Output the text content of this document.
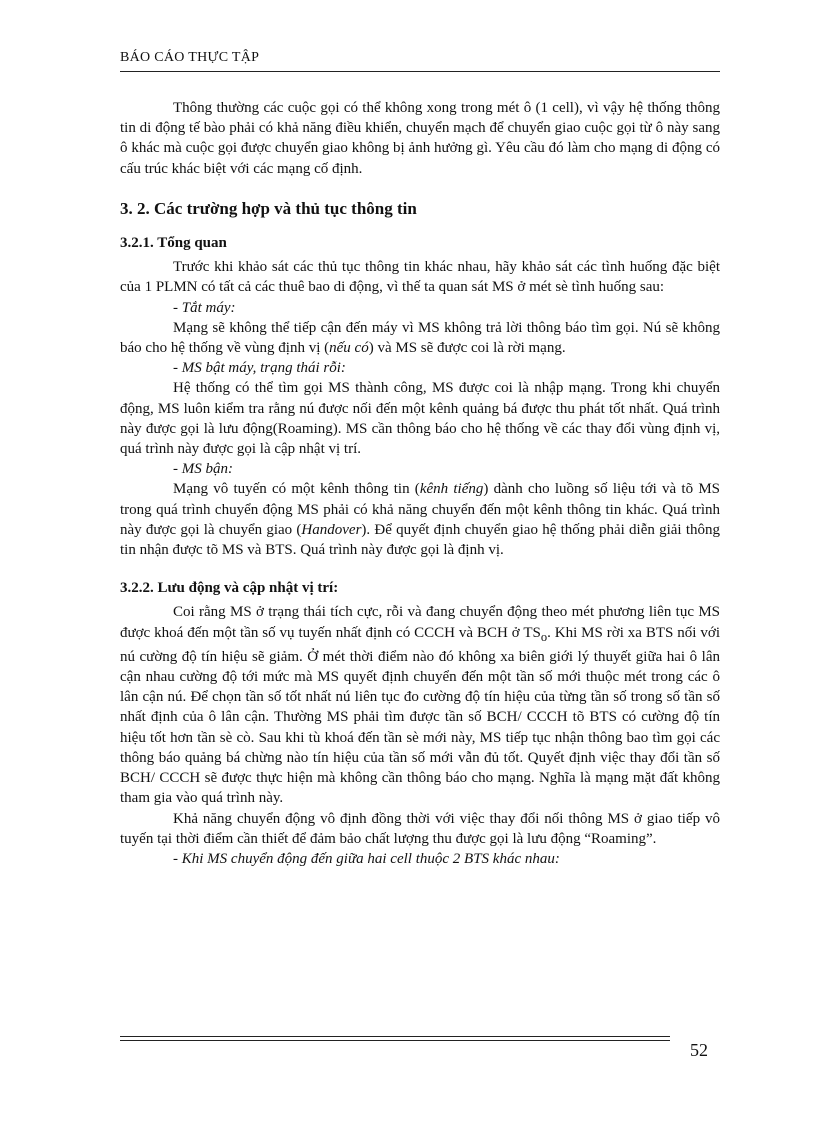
BÁO CÁO THỰC TẬP

Thông thường các cuộc gọi có thể không xong trong mét ô (1 cell), vì vậy hệ thống thông tin di động tế bào phải có khả năng điều khiển, chuyển mạch để chuyển giao cuộc gọi từ ô này sang ô khác mà cuộc gọi được chuyển giao không bị ảnh hưởng gì. Yêu cầu đó làm cho mạng di động có cấu trúc khác biệt với các mạng cố định.

3. 2. Các trường hợp và thủ tục thông tin
3.2.1. Tổng quan

Trước khi khảo sát các thủ tục thông tin khác nhau, hãy khảo sát các tình huống đặc biệt của 1 PLMN có tất cả các thuê bao di động, vì thế ta quan sát MS ở mét sè tình huống sau:

- Tắt máy:

Mạng sẽ không thể tiếp cận đến máy vì MS không trả lời thông báo tìm gọi. Nú sẽ không báo cho hệ thống về vùng định vị (nếu có) và MS sẽ được coi là rời mạng.

- MS bật máy, trạng thái rỗi:

Hệ thống có thể tìm gọi MS thành công, MS được coi là nhập mạng. Trong khi chuyển động, MS luôn kiểm tra rằng nú được nối đến một kênh quảng bá được thu phát tốt nhất. Quá trình này được gọi là lưu động(Roaming). MS cần thông báo cho hệ thống về các thay đổi vùng định vị, quá trình này được gọi là cập nhật vị trí.

- MS bận:

Mạng vô tuyến có một kênh thông tin (kênh tiếng) dành cho luồng số liệu tới và tõ MS trong quá trình chuyển động MS phải có khả năng chuyển đến một kênh thông tin khác. Quá trình này được gọi là chuyển giao (Handover). Để quyết định chuyển giao hệ thống phải diễn giải thông tin nhận được tõ MS và BTS. Quá trình này được gọi là định vị.

3.2.2. Lưu động và cập nhật vị trí:

Coi rằng MS ở trạng thái tích cực, rỗi và đang chuyển động theo mét phương liên tục MS được khoá đến một tần số vụ tuyến nhất định có CCCH và BCH ở $TS_o$. Khi MS rời xa BTS nối với nú cường độ tín hiệu sẽ giảm. Ở mét thời điểm nào đó không xa biên giới lý thuyết giữa hai ô lân cận nhau cường độ tới mức mà MS quyết định chuyển đến một tần số mới thuộc mét trong các ô lân cận nú. Để chọn tần số tốt nhất nú liên tục đo cường độ tín hiệu của từng tần số trong số tần số nhất định của ô lân cận. Thường MS phải tìm được tần số BCH/ CCCH tõ BTS có cường độ tín hiệu tốt hơn tần sè cò. Sau khi tù khoá đến tần sè mới này, MS tiếp tục nhận thông bao tìm gọi các thông báo quảng bá chừng nào tín hiệu của tần số mới vẫn đủ tốt. Quyết định việc thay đổi tần số BCH/ CCCH sẽ được thực hiện mà không cần thông báo cho mạng. Nghĩa là mạng mặt đất không tham gia vào quá trình này.

Khả năng chuyển động vô định đồng thời với việc thay đổi nối thông MS ở giao tiếp vô tuyến tại thời điểm cần thiết để đảm bảo chất lượng thu được gọi là lưu động “Roaming”.

- Khi MS chuyển động đến giữa hai cell thuộc 2 BTS khác nhau:

52
